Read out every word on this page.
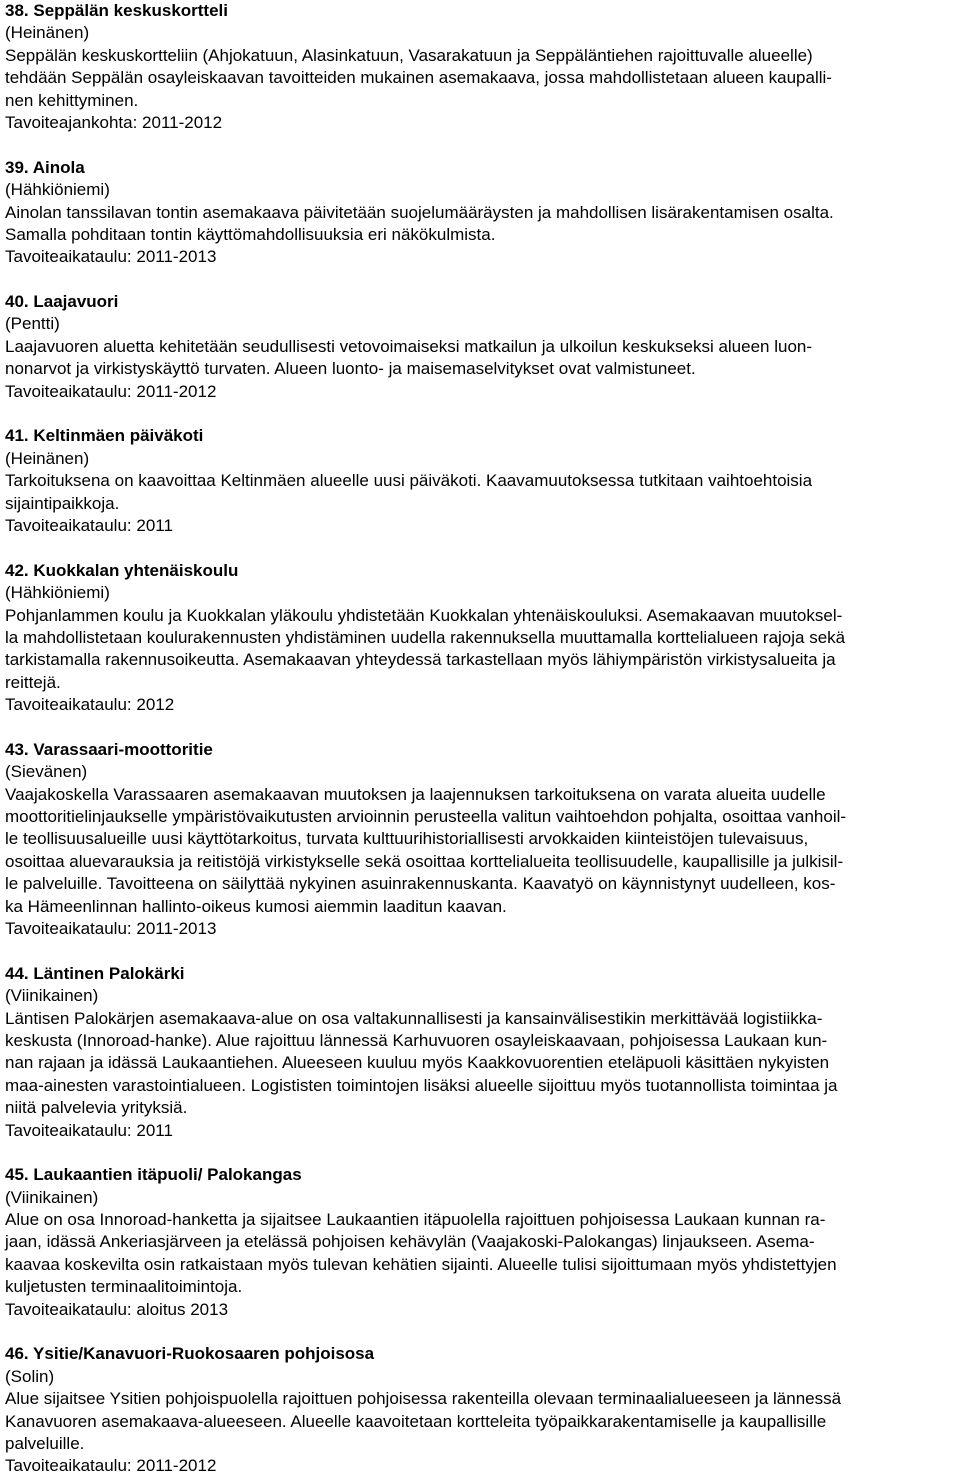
38. Seppälän keskuskortteli
(Heinänen)
Seppälän keskuskortteliin (Ahjokatuun, Alasinkatuun, Vasarakatuun ja Seppäläntiehen rajoittuvalle alueelle)
tehdään Seppälän osayleiskaavan tavoitteiden mukainen asemakaava, jossa mahdollistetaan alueen kaupalli-
nen kehittyminen.
Tavoiteajankohta: 2011-2012
39. Ainola
(Hähkiöniemi)
Ainolan tanssilavan tontin asemakaava päivitetään suojelumääräysten ja mahdollisen lisärakentamisen osalta.
Samalla pohditaan tontin käyttömahdollisuuksia eri näkökulmista.
Tavoiteaikataulu: 2011-2013
40. Laajavuori
(Pentti)
Laajavuoren aluetta kehitetään seudullisesti vetovoimaiseksi matkailun ja ulkoilun keskukseksi alueen luon-
nonarvot ja virkistyskäyttö turvaten. Alueen luonto- ja maisemaselvitykset ovat valmistuneet.
Tavoiteaikataulu: 2011-2012
41. Keltinmäen päiväkoti
(Heinänen)
Tarkoituksena on kaavoittaa Keltinmäen alueelle uusi päiväkoti. Kaavamuutoksessa tutkitaan vaihtoehtoisia
sijaintipaikkoja.
Tavoiteaikataulu: 2011
42. Kuokkalan yhtenäiskoulu
(Hähkiöniemi)
Pohjanlammen koulu ja Kuokkalan yläkoulu yhdistetään Kuokkalan yhtenäiskouluksi. Asemakaavan muutoksel-
la mahdollistetaan koulurakennusten yhdistäminen uudella rakennuksella muuttamalla korttelialueen rajoja sekä
tarkistamalla rakennusoikeutta. Asemakaavan yhteydessä tarkastellaan myös lähiympäristön virkistysalueita ja
reittejä.
Tavoiteaikataulu: 2012
43. Varassaari-moottoritie
(Sievänen)
Vaajakoskella Varassaaren asemakaavan muutoksen ja laajennuksen tarkoituksena on varata alueita uudelle
moottoritielinjaukselle ympäristövaikutusten arvioinnin perusteella valitun vaihtoehdon pohjalta, osoittaa vanhoil-
le teollisuusalueille uusi käyttötarkoitus, turvata kulttuurihistoriallisesti arvokkaiden kiinteistöjen tulevaisuus,
osoittaa aluevarauksia ja reitistöjä virkistykselle sekä osoittaa korttelialueita teollisuudelle, kaupallisille ja julkisil-
le palveluille. Tavoitteena on säilyttää nykyinen asuinrakennuskanta. Kaavatyö on käynnistynyt uudelleen, kos-
ka Hämeenlinnan hallinto-oikeus kumosi aiemmin laaditun kaavan.
Tavoiteaikataulu: 2011-2013
44. Läntinen Palokärki
(Viinikainen)
Läntisen Palokärjen asemakaava-alue on osa valtakunnallisesti ja kansainvälisestikin merkittävää logistiikka-
keskusta (Innoroad-hanke). Alue rajoittuu lännessä Karhuvuoren osayleiskaavaan, pohjoisessa Laukaan kun-
nan rajaan ja idässä Laukaantiehen. Alueeseen kuuluu myös Kaakkovuorentien eteläpuoli käsittäen nykyisten
maa-ainesten varastointialueen. Logististen toimintojen lisäksi alueelle sijoittuu myös tuotannollista toimintaa ja
niitä palvelevia yrityksiä.
Tavoiteaikataulu: 2011
45. Laukaantien itäpuoli/ Palokangas
(Viinikainen)
Alue on osa Innoroad-hanketta ja sijaitsee Laukaantien itäpuolella rajoittuen pohjoisessa Laukaan kunnan ra-
jaan, idässä Ankeriasjärveen ja etelässä pohjoisen kehävylän (Vaajakoski-Palokangas) linjaukseen. Asema-
kaavaa koskevilta osin ratkaistaan myös tulevan kehätien sijainti. Alueelle tulisi sijoittumaan myös yhdistettyjen
kuljetusten terminaalitoimintoja.
Tavoiteaikataulu: aloitus 2013
46. Ysitie/Kanavuori-Ruokosaaren pohjoisosa
(Solin)
Alue sijaitsee Ysitien pohjoispuolella rajoittuen pohjoisessa rakenteilla olevaan terminaalialueeseen ja lännessä
Kanavuoren asemakaava-alueeseen. Alueelle kaavoitetaan kortteleita työpaikkarakentamiselle ja kaupallisille
palveluille.
Tavoiteaikataulu: 2011-2012
